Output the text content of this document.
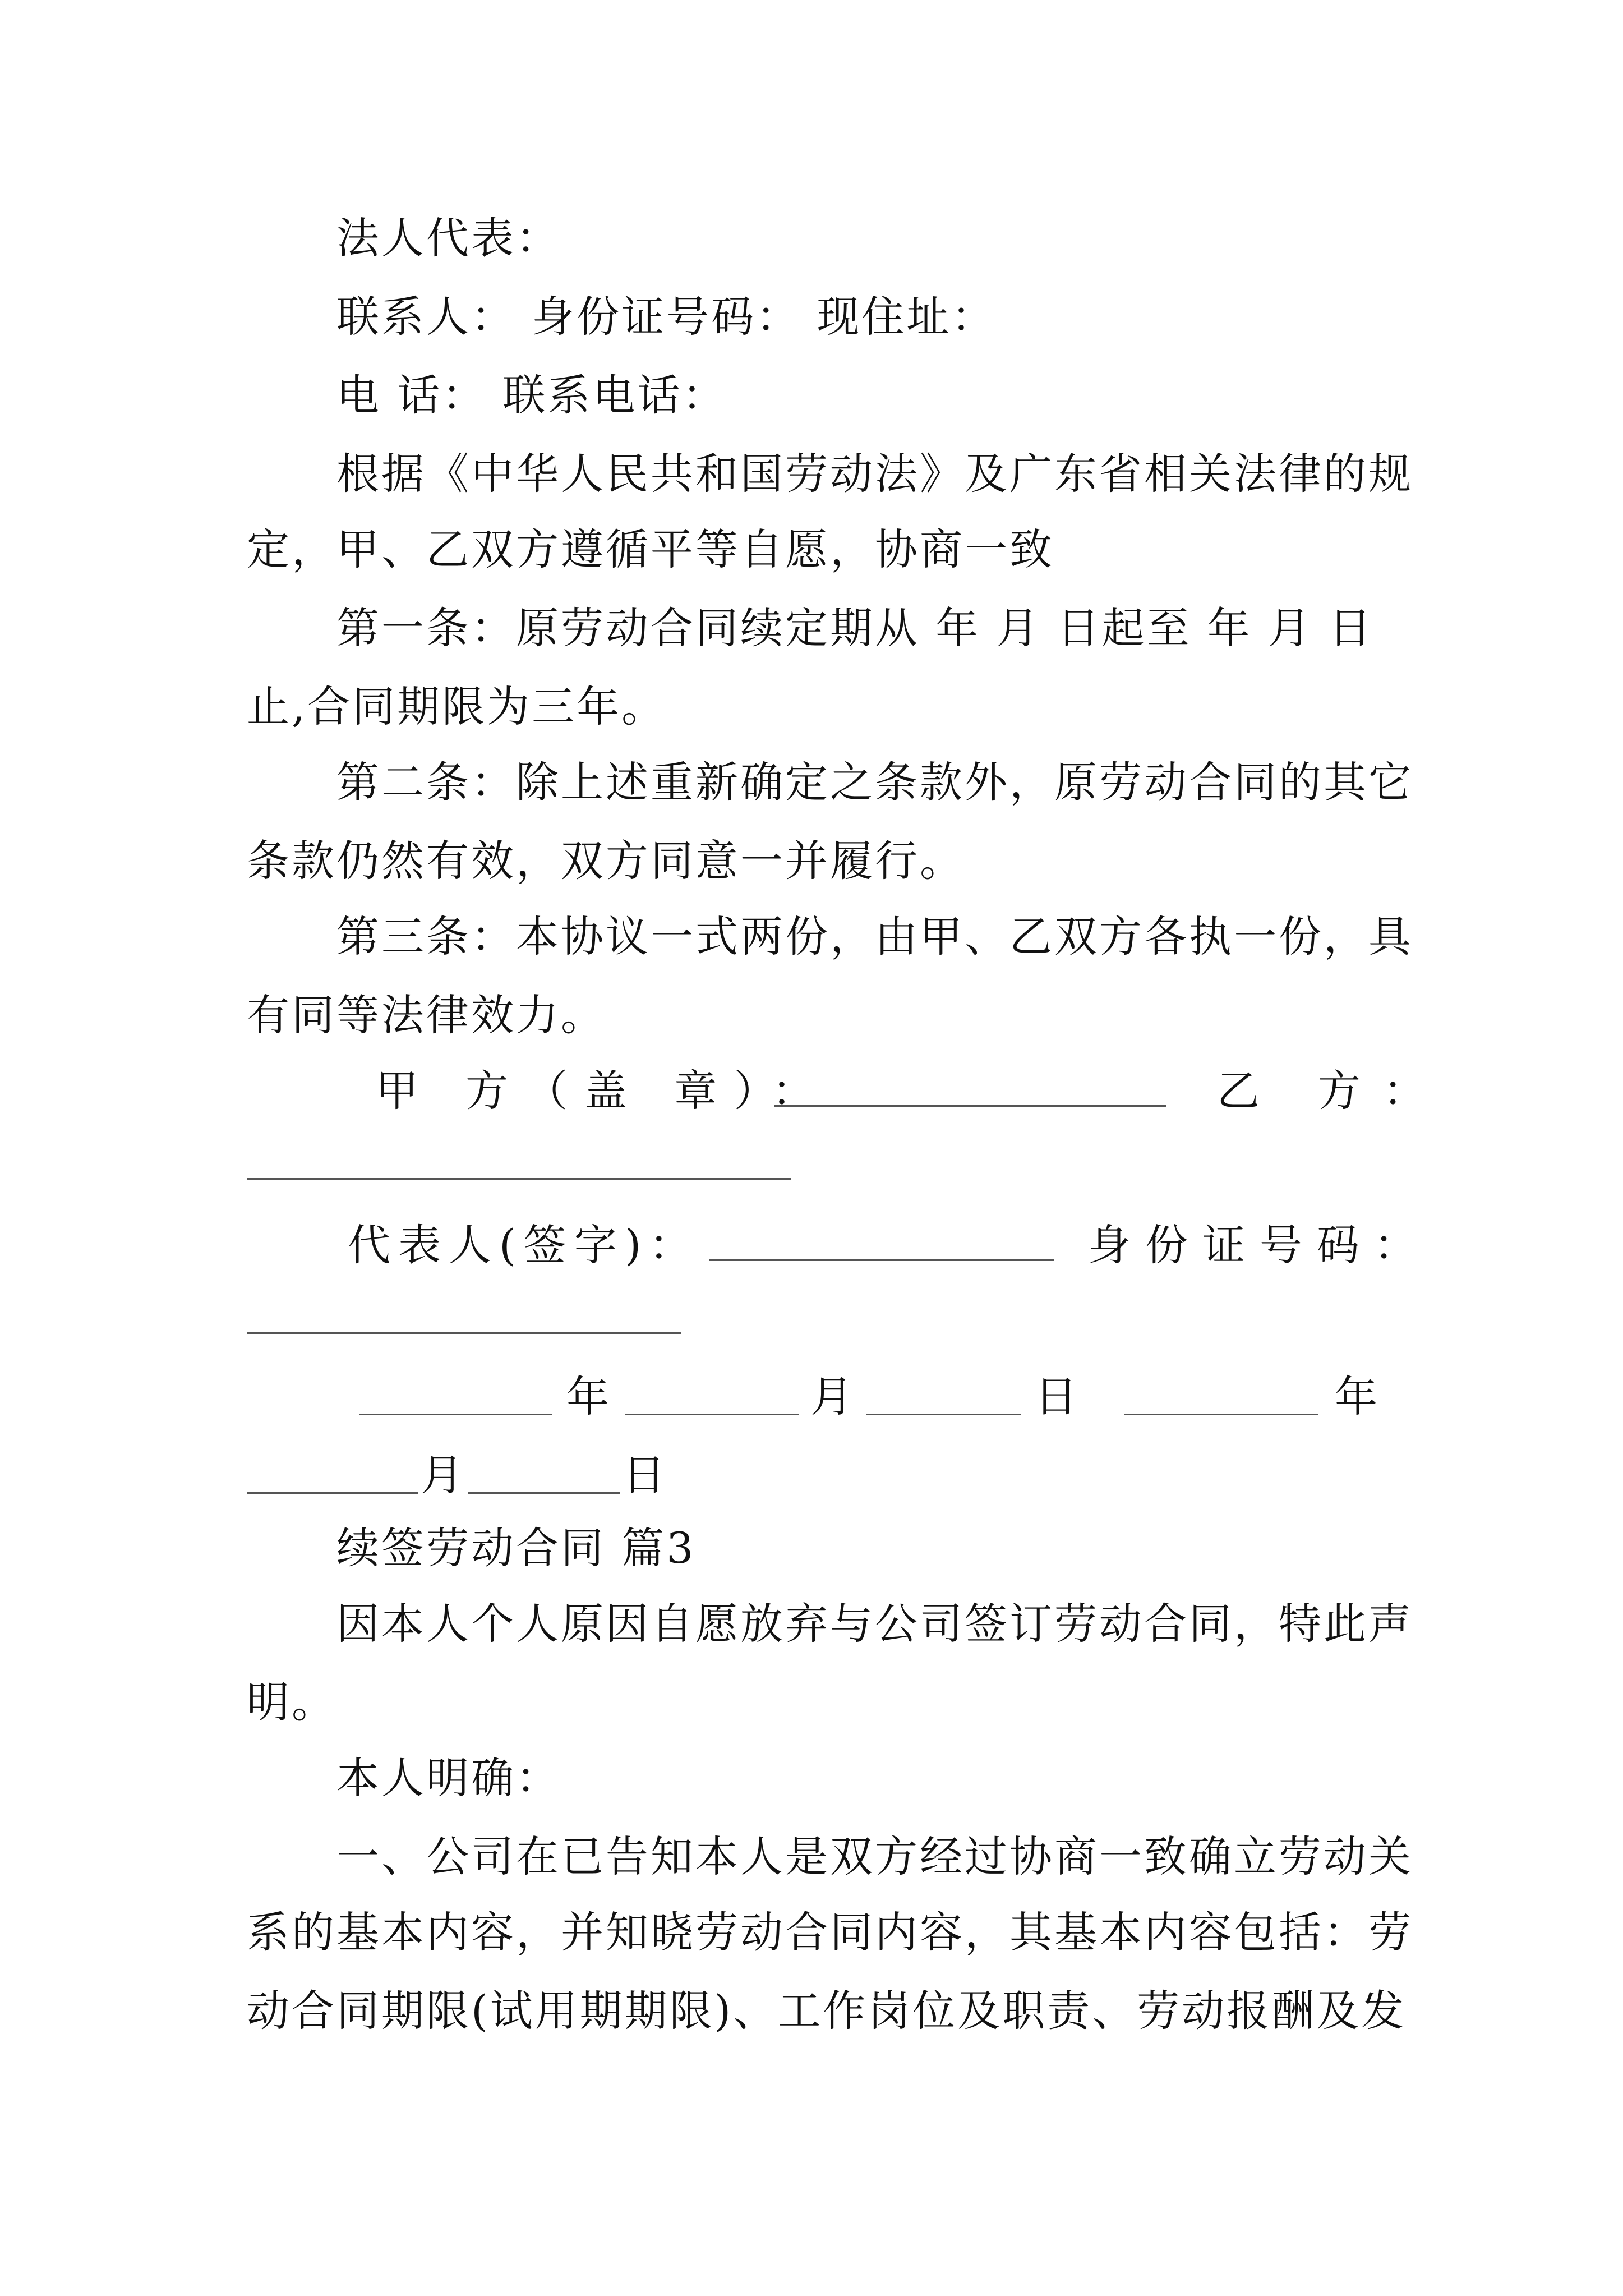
法人代表：
联系人： 身份证号码： 现住址：
电 话： 联系电话：
根据《中华人民共和国劳动法》及广东省相关法律的规
定，甲、乙双方遵循平等自愿，协商一致
第一条：原劳动合同续定期从 年 月 日起至 年 月 日
止,合同期限为三年。
第二条：除上述重新确定之条款外，原劳动合同的其它
条款仍然有效，双方同意一并履行。
第三条：本协议一式两份，由甲、乙双方各执一份，具
有同等法律效力。
甲 方（盖 章）：	乙 方：
代表人(签字)：	身份证号码：
年	月	日	年
月	日
续签劳动合同 篇3
因本人个人原因自愿放弃与公司签订劳动合同，特此声
明。
本人明确：
一、公司在已告知本人是双方经过协商一致确立劳动关
系的基本内容，并知晓劳动合同内容，其基本内容包括：劳
动合同期限(试用期期限)、工作岗位及职责、劳动报酬及发
